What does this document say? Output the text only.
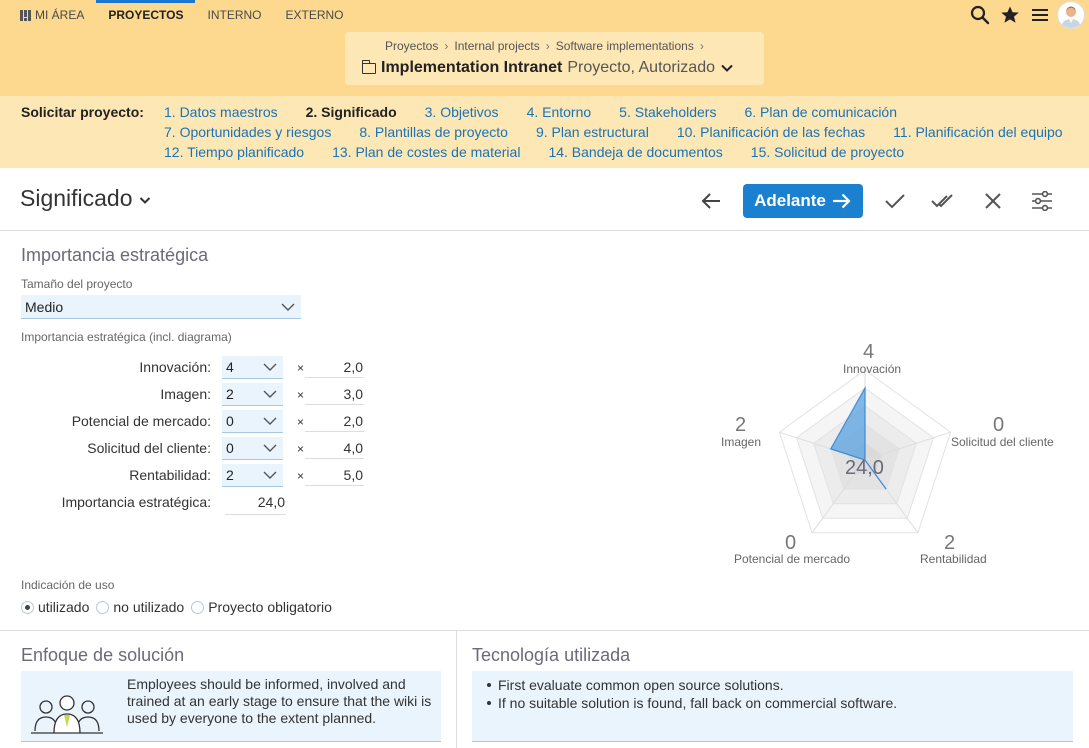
MI ÁREA	PROYECTOS	INTERNO	EXTERNO
Proyectos › Internal projects › Software implementations ›
Implementation Intranet Proyecto, Autorizado
Solicitar proyecto: 1. Datos maestros 2. Significado 3. Objetivos 4. Entorno 5. Stakeholders 6. Plan de comunicación
7. Oportunidades y riesgos 8. Plantillas de proyecto 9. Plan estructural 10. Planificación de las fechas 11. Planificación del equipo
12. Tiempo planificado 13. Plan de costes de material 14. Bandeja de documentos 15. Solicitud de proyecto
Significado	Adelante
Importancia estratégica
Tamaño del proyecto
Medio
Importancia estratégica (incl. diagrama)
Innovación: 4	×	2,0
Imagen: 2	×	3,0
Potencial de mercado: 0	×	2,0
Solicitud del cliente: 0	×	4,0
Rentabilidad: 2	×	5,0
Importancia estratégica:	24,0
Indicación de uso
utilizado no utilizado Proyecto obligatorio
4
Innovación
0
Solicitud del cliente
2
Rentabilidad
0
Potencial de mercado
2
Imagen
24,0
Enfoque de solución
Employees should be informed, involved and trained at an early stage to ensure that the wiki is used by everyone to the extent planned.
Tecnología utilizada
First evaluate common open source solutions.
If no suitable solution is found, fall back on commercial software.
